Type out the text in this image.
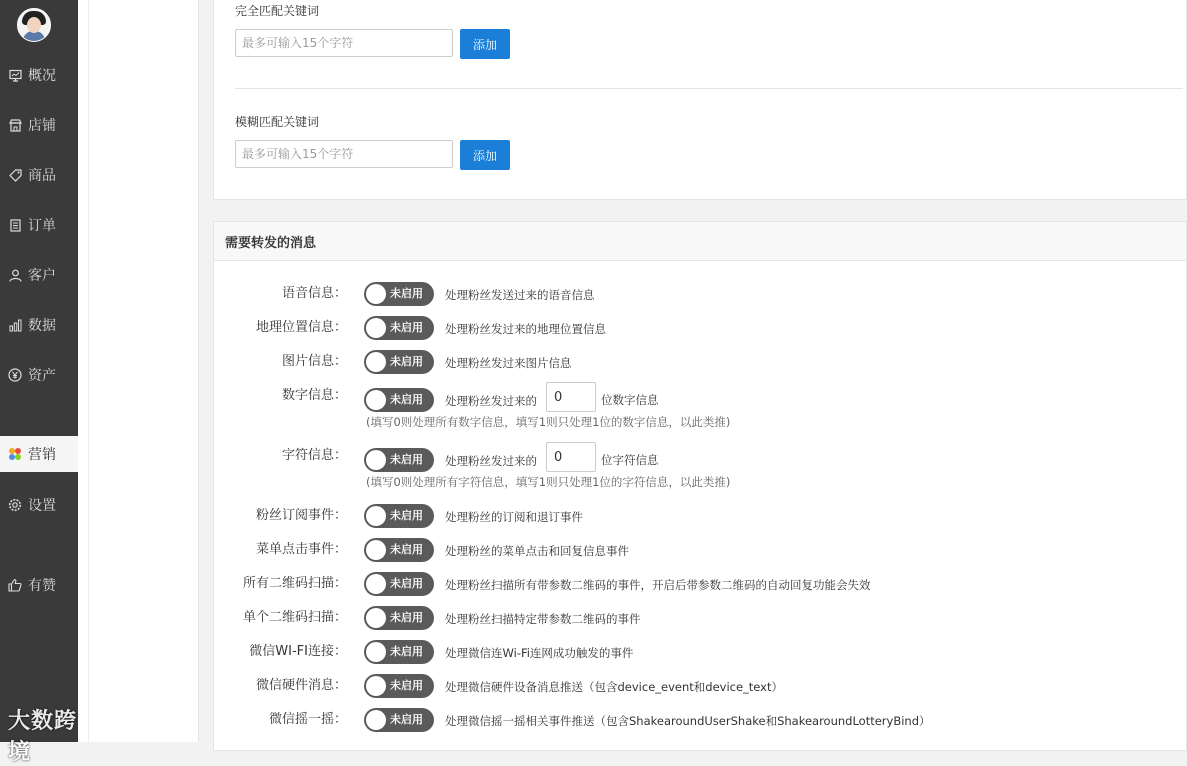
概况
店铺
商品
订单
客户
数据
资产
营销
设置
有赞
大数跨境
完全匹配关键词
最多可输入15个字符
添加
模糊匹配关键词
最多可输入15个字符
添加
需要转发的消息
语音信息：	未启用 处理粉丝发送过来的语音信息
地理位置信息：	未启用 处理粉丝发过来的地理位置信息
图片信息：	未启用 处理粉丝发过来图片信息
数字信息：	未启用 处理粉丝发过来的
0	位数字信息
(填写0则处理所有数字信息，填写1则只处理1位的数字信息，以此类推)
字符信息：	未启用 处理粉丝发过来的
0	位字符信息
(填写0则处理所有字符信息，填写1则只处理1位的字符信息，以此类推)
粉丝订阅事件：	未启用 处理粉丝的订阅和退订事件
菜单点击事件：	未启用 处理粉丝的菜单点击和回复信息事件
所有二维码扫描：	未启用 处理粉丝扫描所有带参数二维码的事件，开启后带参数二维码的自动回复功能会失效
单个二维码扫描：	未启用 处理粉丝扫描特定带参数二维码的事件
微信WI-FI连接：	未启用 处理微信连Wi-Fi连网成功触发的事件
微信硬件消息：	未启用 处理微信硬件设备消息推送（包含device_event和device_text）
微信摇一摇：	未启用 处理微信摇一摇相关事件推送（包含ShakearoundUserShake和ShakearoundLotteryBind）
